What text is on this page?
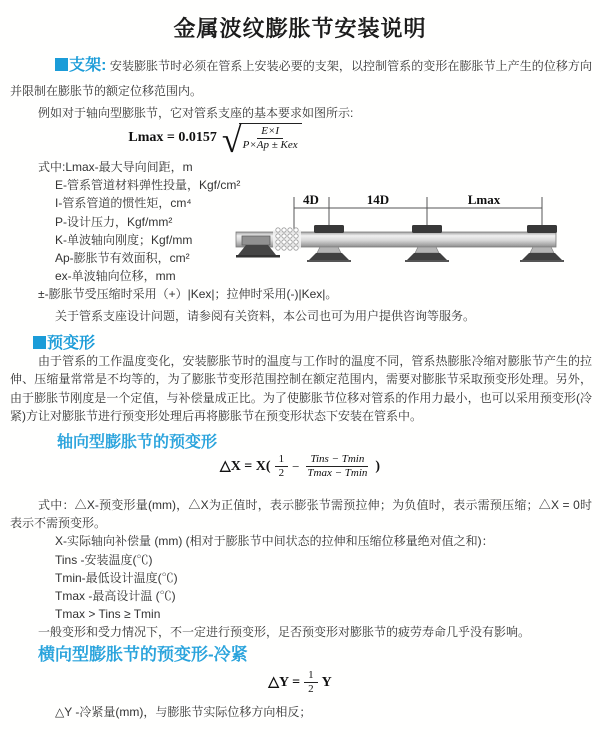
金属波纹膨胀节安装说明
支架: 安装膨胀节时必须在管系上安装必要的支架，以控制管系的变形在膨胀节上产生的位移方向并限制在膨胀节的额定位移范围内。
例如对于轴向型膨胀节，它对管系支座的基本要求如图所示:
Lmax = 0.0157 √
$\frac{E\times I}{\text{P×Ap ± Kex}}$
式中:Lmax-最大导向间距，m
E-管系管道材料弹性投量，Kgf/cm²
I-管系管道的惯性矩，cm⁴
P-设计压力，Kgf/mm²
K-单波轴向刚度；Kgf/mm
Ap-膨胀节有效面积，cm²
ex-单波轴向位移，mm
±-膨胀节受压缩时采用（+）|Kex|；拉伸时采用(-)|Kex|。
关于管系支座设计问题，请参阅有关资料，本公司也可为用户提供咨询等服务。
4D	14D	Lmax
预变形
由于管系的工作温度变化，安装膨胀节时的温度与工作时的温度不同，管系热膨胀冷缩对膨胀节产生的拉伸、压缩量常常是不均等的，为了膨胀节变形范围控制在额定范围内，需要对膨胀节采取预变形处理。另外，由于膨胀节刚度是一个定值，与补偿量成正比。为了使膨胀节位移对管系的作用力最小，也可以采用预变形(冷紧)方让对膨胀节进行预变形处理后再将膨胀节在预变形状态下安装在管系中。
轴向型膨胀节的预变形
△X = $X( \frac{1}{2} - \frac{\text{Tins − Tmin}}{Tmax - Tmin}$ )

式中：△X-预变形量(mm)，△X为正值时，表示膨张节需预拉伸；为负值时，表示需预压缩；△X = 0时表示不需预变形。

X-实际轴向补偿量 (mm) (相对于膨胀节中间状态的拉伸和压缩位移量绝对值之和)：
Tins -安装温度(℃)
Tmin-最低设计温度(℃)
Tmax -最高设计温 (℃)
Tmax > Tins ≥ Tmin

一般变形和受力情况下，不一定进行预变形，足否预变形对膨胀节的疲劳寿命几乎没有影响。

横向型膨胀节的预变形-冷紧
△Y = $\frac{1}{2}$ Y
△Y -冷紧量(mm)，与膨胀节实际位移方向相反；
